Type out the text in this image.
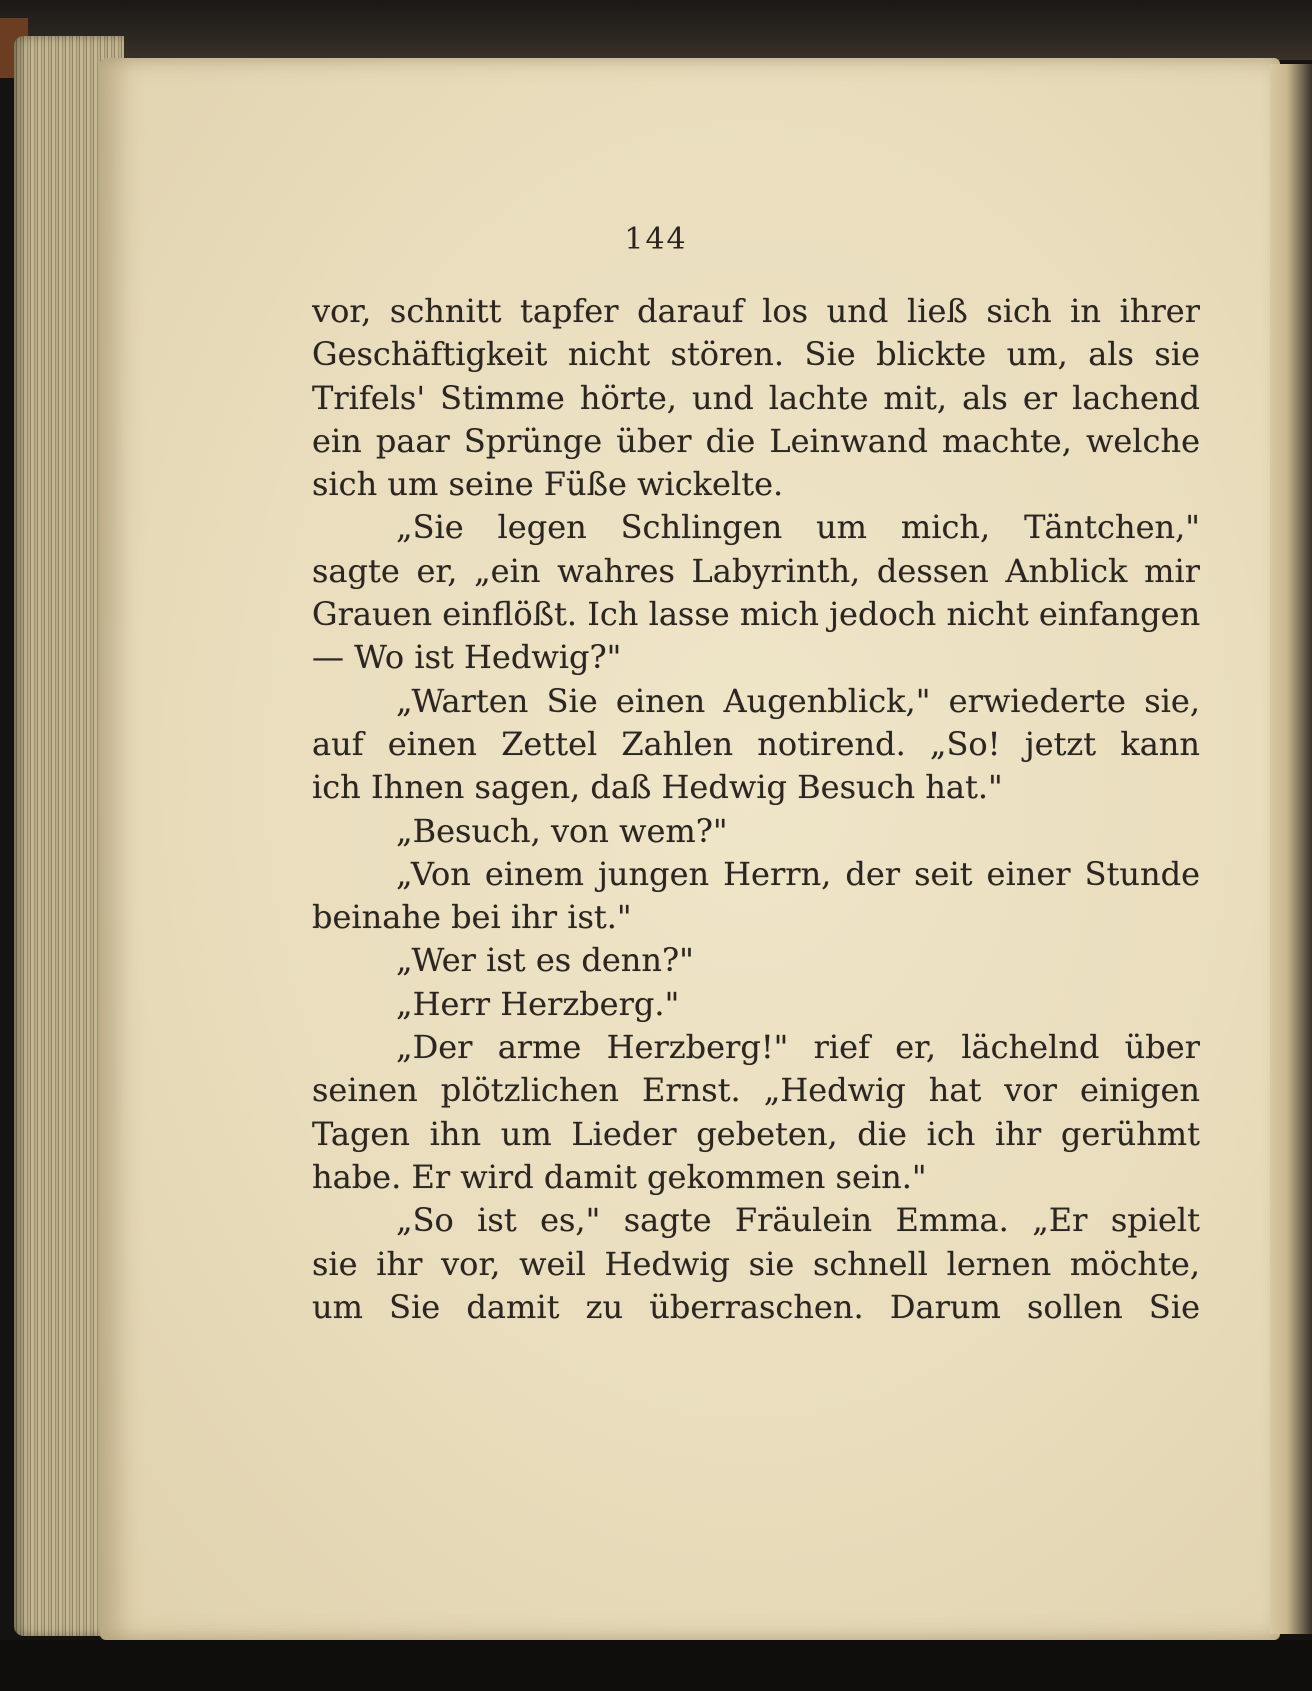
144
vor, schnitt tapfer darauf los und ließ sich in ihrer
Geschäftigkeit nicht stören. Sie blickte um, als sie
Trifels' Stimme hörte, und lachte mit, als er lachend
ein paar Sprünge über die Leinwand machte, welche
sich um seine Füße wickelte.
„Sie legen Schlingen um mich, Täntchen,"
sagte er, „ein wahres Labyrinth, dessen Anblick mir
Grauen einflößt. Ich lasse mich jedoch nicht einfangen
— Wo ist Hedwig?"
„Warten Sie einen Augenblick," erwiederte sie,
auf einen Zettel Zahlen notirend. „So! jetzt kann
ich Ihnen sagen, daß Hedwig Besuch hat."
„Besuch, von wem?"
„Von einem jungen Herrn, der seit einer Stunde
beinahe bei ihr ist."
„Wer ist es denn?"
„Herr Herzberg."
„Der arme Herzberg!" rief er, lächelnd über
seinen plötzlichen Ernst. „Hedwig hat vor einigen
Tagen ihn um Lieder gebeten, die ich ihr gerühmt
habe. Er wird damit gekommen sein."
„So ist es," sagte Fräulein Emma. „Er spielt
sie ihr vor, weil Hedwig sie schnell lernen möchte,
um Sie damit zu überraschen. Darum sollen Sie
